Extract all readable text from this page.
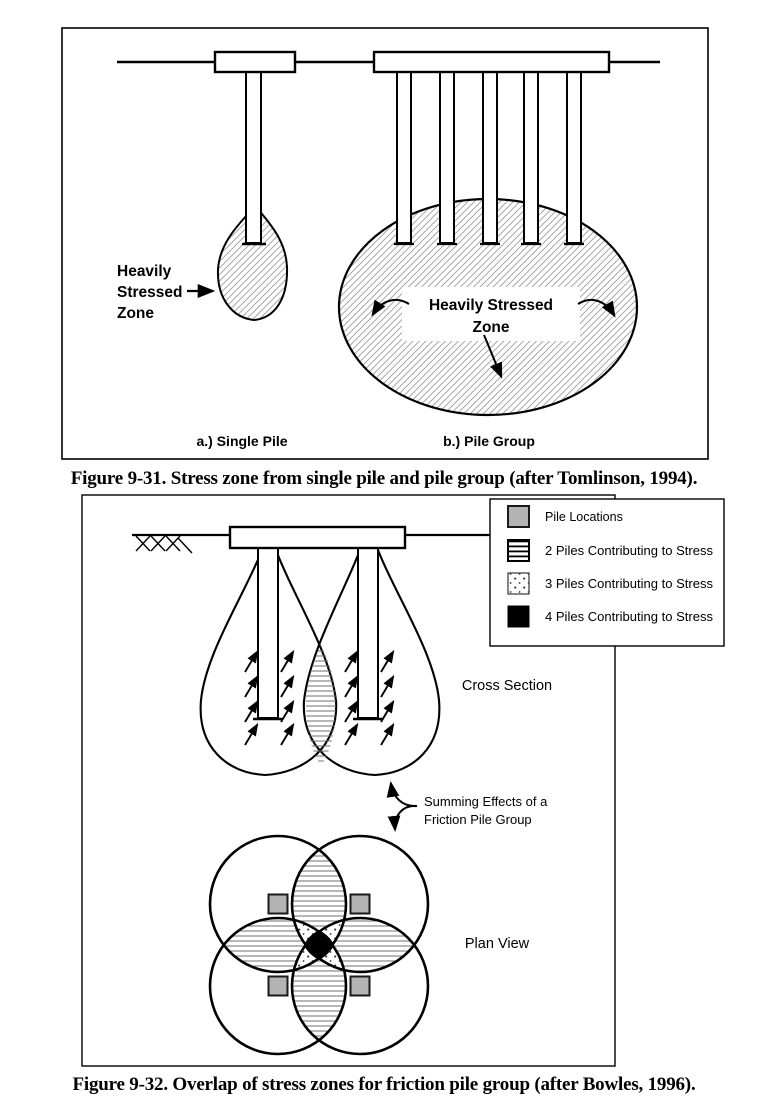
Heavily
Stressed
Zone	Heavily Stressed
Zone
a.) Single Pile	b.) Pile Group
Figure 9-31. Stress zone from single pile and pile group (after Tomlinson, 1994).
Cross Section
Summing Effects of a
Friction Pile Group
Plan View
Pile Locations
2 Piles Contributing to Stress
3 Piles Contributing to Stress
4 Piles Contributing to Stress
Figure 9-32. Overlap of stress zones for friction pile group (after Bowles, 1996).
